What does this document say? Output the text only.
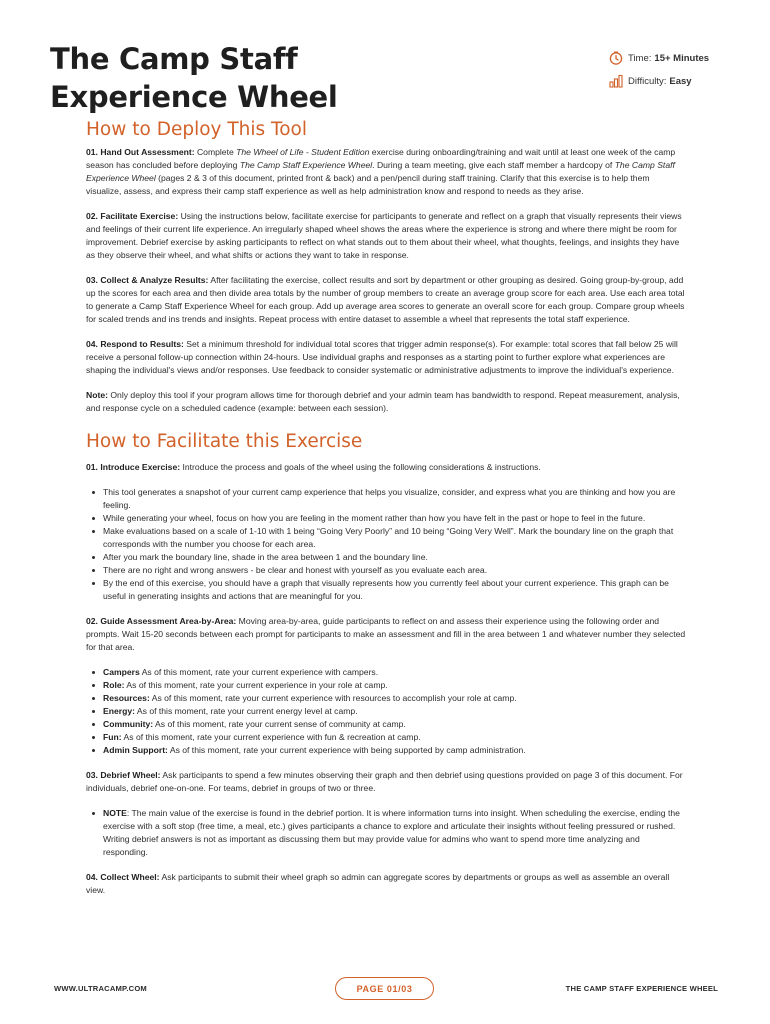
The Camp Staff
Experience Wheel
Time: 15+ Minutes
Difficulty: Easy
How to Deploy This Tool

01. Hand Out Assessment: Complete The Wheel of Life - Student Edition exercise during onboarding/training and wait until at least one week of the camp season has concluded before deploying The Camp Staff Experience Wheel. During a team meeting, give each staff member a hardcopy of The Camp Staff Experience Wheel (pages 2 & 3 of this document, printed front & back) and a pen/pencil during staff training. Clarify that this exercise is to help them visualize, assess, and express their camp staff experience as well as help administration know and respond to needs as they arise.

02. Facilitate Exercise: Using the instructions below, facilitate exercise for participants to generate and reflect on a graph that visually represents their views and feelings of their current life experience. An irregularly shaped wheel shows the areas where the experience is strong and where there might be room for improvement. Debrief exercise by asking participants to reflect on what stands out to them about their wheel, what thoughts, feelings, and insights they have as they observe their wheel, and what shifts or actions they want to take in response.

03. Collect & Analyze Results: After facilitating the exercise, collect results and sort by department or other grouping as desired. Going group-by-group, add up the scores for each area and then divide area totals by the number of group members to create an average group score for each area. Use each area total to generate a Camp Staff Experience Wheel for each group. Add up average area scores to generate an overall score for each group. Compare group wheels for scaled trends and ins trends and insights. Repeat process with entire dataset to assemble a wheel that represents the total staff experience.

04. Respond to Results: Set a minimum threshold for individual total scores that trigger admin response(s). For example: total scores that fall below 25 will receive a personal follow-up connection within 24-hours. Use individual graphs and responses as a starting point to further explore what experiences are shaping the individual's views and/or responses. Use feedback to consider systematic or administrative adjustments to improve the individual's experience.

Note: Only deploy this tool if your program allows time for thorough debrief and your admin team has bandwidth to respond. Repeat measurement, analysis, and response cycle on a scheduled cadence (example: between each session).

How to Facilitate this Exercise

01. Introduce Exercise: Introduce the process and goals of the wheel using the following considerations & instructions.

This tool generates a snapshot of your current camp experience that helps you visualize, consider, and express what you are thinking and how you are feeling.
While generating your wheel, focus on how you are feeling in the moment rather than how you have felt in the past or hope to feel in the future.
Make evaluations based on a scale of 1-10 with 1 being “Going Very Poorly” and 10 being “Going Very Well”. Mark the boundary line on the graph that corresponds with the number you choose for each area.
After you mark the boundary line, shade in the area between 1 and the boundary line.
There are no right and wrong answers - be clear and honest with yourself as you evaluate each area.
By the end of this exercise, you should have a graph that visually represents how you currently feel about your current experience. This graph can be useful in generating insights and actions that are meaningful for you.

02. Guide Assessment Area-by-Area: Moving area-by-area, guide participants to reflect on and assess their experience using the following order and prompts. Wait 15-20 seconds between each prompt for participants to make an assessment and fill in the area between 1 and whatever number they selected for that area.

Campers As of this moment, rate your current experience with campers.
Role: As of this moment, rate your current experience in your role at camp.
Resources: As of this moment, rate your current experience with resources to accomplish your role at camp.
Energy: As of this moment, rate your current energy level at camp.
Community: As of this moment, rate your current sense of community at camp.
Fun: As of this moment, rate your current experience with fun & recreation at camp.
Admin Support: As of this moment, rate your current experience with being supported by camp administration.

03. Debrief Wheel: Ask participants to spend a few minutes observing their graph and then debrief using questions provided on page 3 of this document. For individuals, debrief one-on-one. For teams, debrief in groups of two or three.

NOTE: The main value of the exercise is found in the debrief portion. It is where information turns into insight. When scheduling the exercise, ending the exercise with a soft stop (free time, a meal, etc.) gives participants a chance to explore and articulate their insights without feeling pressured or rushed. Writing debrief answers is not as important as discussing them but may provide value for admins who want to spend more time analyzing and responding.

04. Collect Wheel: Ask participants to submit their wheel graph so admin can aggregate scores by departments or groups as well as assemble an overall view.

WWW.ULTRACAMP.COM	PAGE 01/03	THE CAMP STAFF EXPERIENCE WHEEL
